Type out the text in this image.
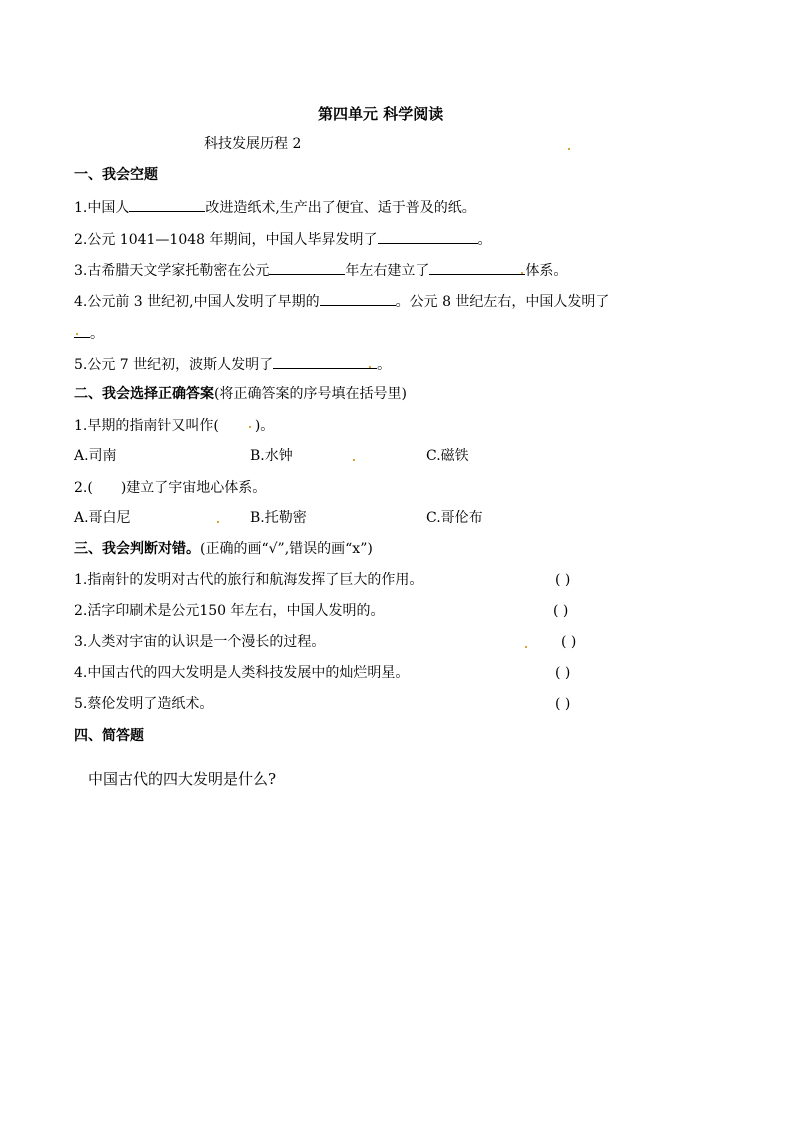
第四单元 科学阅读
科技发展历程 2
一、我会空题
1.中国人	改进造纸术,生产出了便宜、适于普及的纸。
2.公元 1041—1048 年期间，中国人毕昇发明了	。
3.古希腊天文学家托勒密在公元	年左右建立了	体系。
4.公元前 3 世纪初,中国人发明了早期的	。公元 8 世纪左右，中国人发明了
。
5.公元 7 世纪初，波斯人发明了	。
二、我会选择正确答案(将正确答案的序号填在括号里)
1.早期的指南针又叫作(	)。
A.司南	B.水钟	C.磁铁
2.( )建立了宇宙地心体系。
A.哥白尼	B.托勒密	C.哥伦布
三、我会判断对错。(正确的画“√”,错误的画“x”)
1.指南针的发明对古代的旅行和航海发挥了巨大的作用。	( )
2.活字印刷术是公元150 年左右，中国人发明的。	( )
3.人类对宇宙的认识是一个漫长的过程。	( )
4.中国古代的四大发明是人类科技发展中的灿烂明星。	( )
5.蔡伦发明了造纸术。	( )
四、简答题
中国古代的四大发明是什么?
